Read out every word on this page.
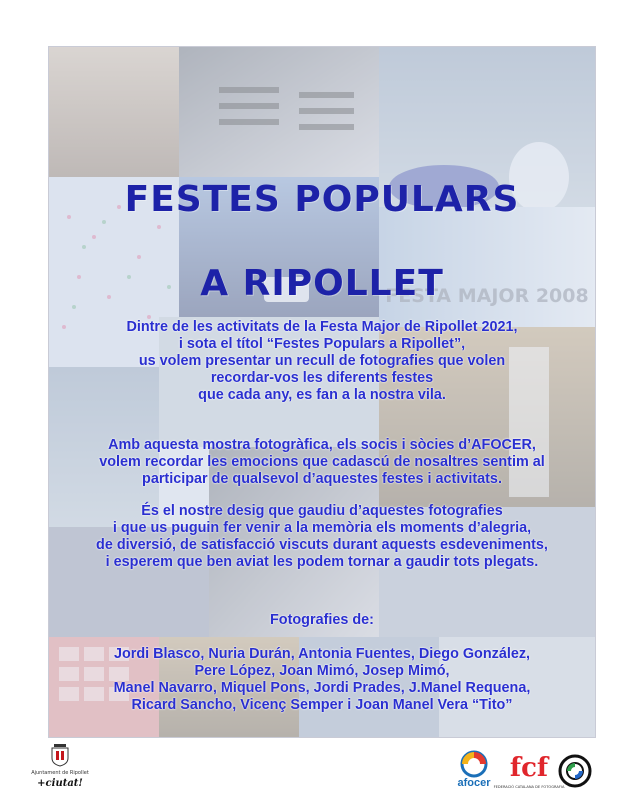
FESTES POPULARS
A RIPOLLET

Dintre de les activitats de la Festa Major de Ripollet 2021,
i sota el títol “Festes Populars a Ripollet”,
us volem presentar un recull de fotografies que volen
recordar-vos les diferents festes
que cada any, es fan a la nostra vila.

Amb aquesta mostra fotogràfica, els socis i sòcies d’AFOCER,
volem recordar les emocions que cadascú de nosaltres sentim al
participar de qualsevol d’aquestes festes i activitats.

És el nostre desig que gaudiu d’aquestes fotografies
i que us puguin fer venir a la memòria els moments d’alegria,
de diversió, de satisfacció viscuts durant aquests esdeveniments,
i esperem que ben aviat les podem tornar a gaudir tots plegats.

Fotografies de:

Jordi Blasco, Nuria Durán, Antonia Fuentes, Diego González,
Pere López, Joan Mimó, Josep Mimó,
Manel Navarro, Miquel Pons, Jordi Prades, J.Manel Requena,
Ricard Sancho, Vicenç Semper i Joan Manel Vera “Tito”

Ajuntament de Ripollet
+ciutat!	afocer fcf
FEDERACIÓ CATALANA DE FOTOGRAFIA
